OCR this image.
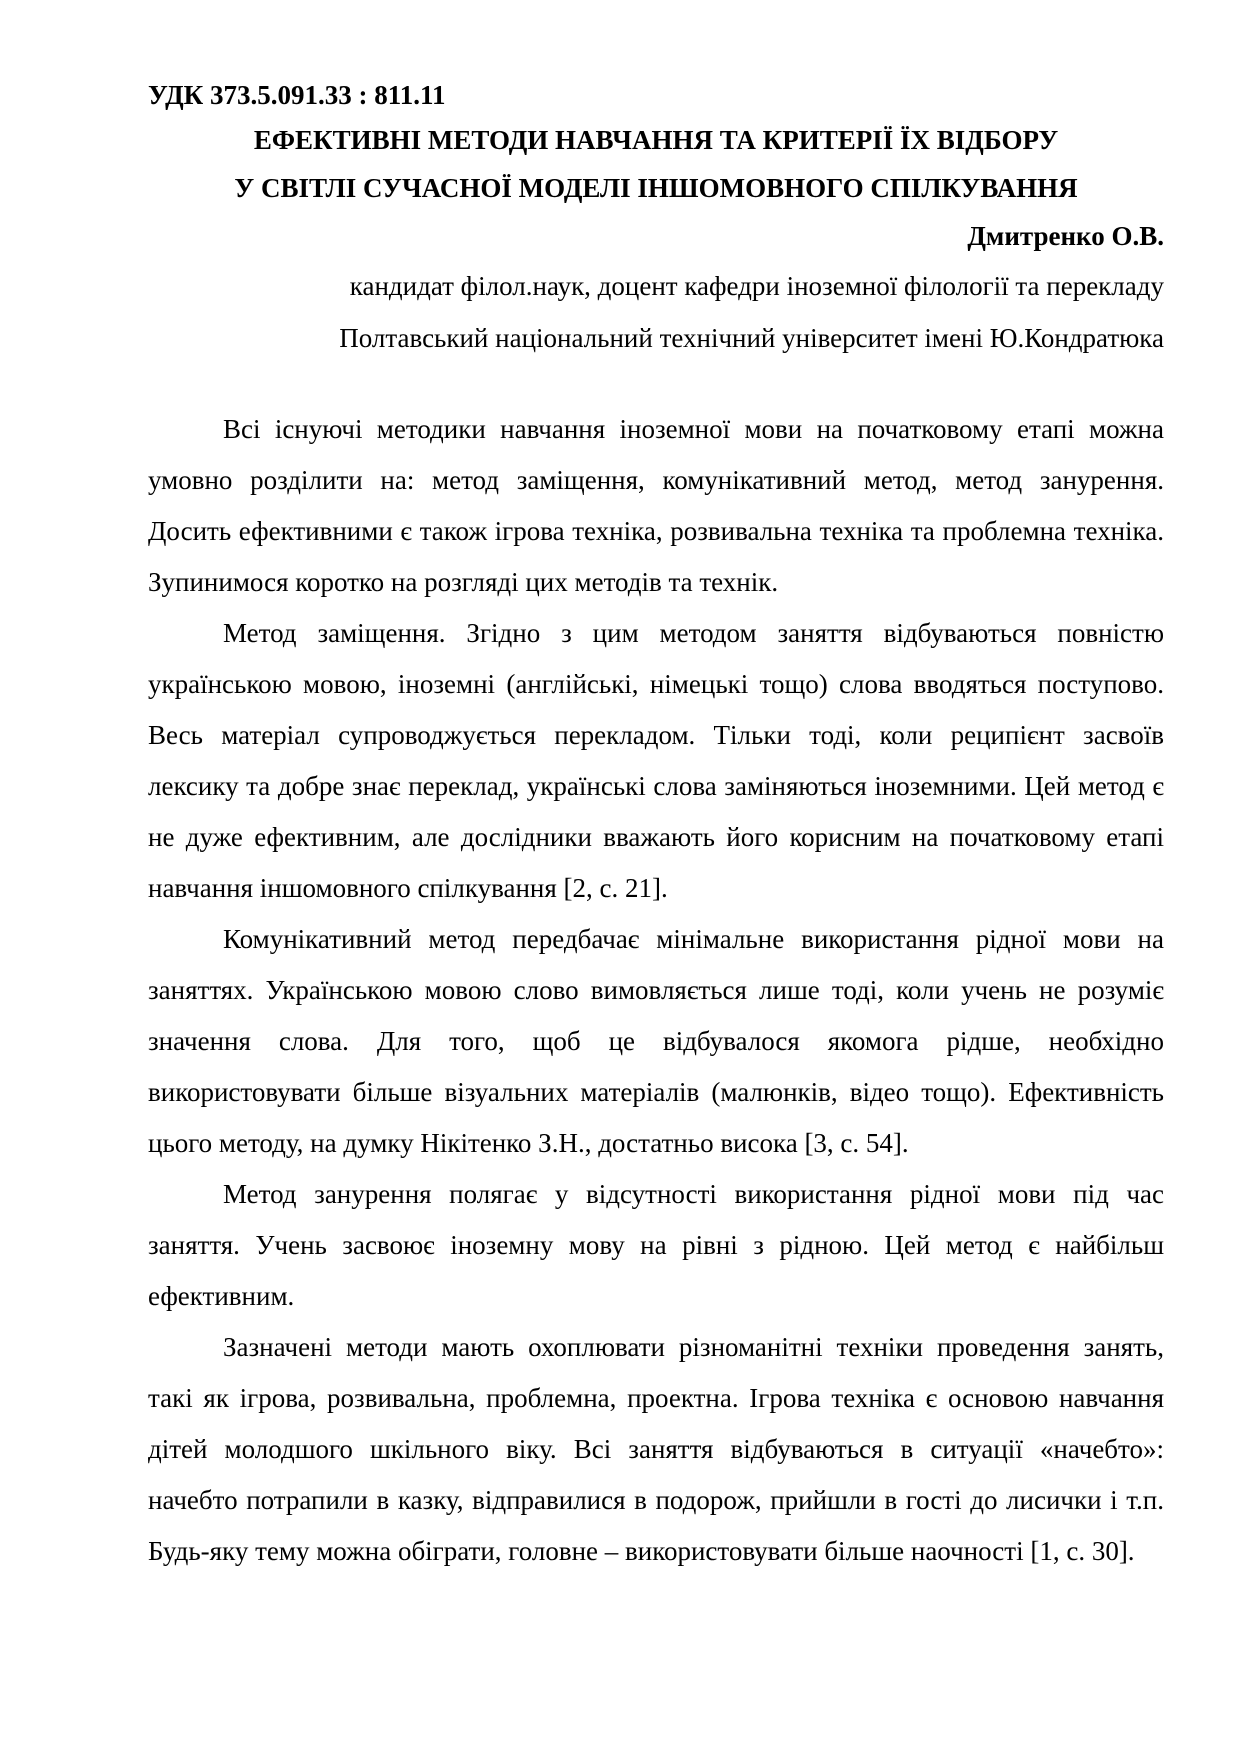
УДК 373.5.091.33 : 811.11

ЕФЕКТИВНІ МЕТОДИ НАВЧАННЯ ТА КРИТЕРІЇ ЇХ ВІДБОРУ
У СВІТЛІ СУЧАСНОЇ МОДЕЛІ ІНШОМОВНОГО СПІЛКУВАННЯ

Дмитренко О.В.

кандидат філол.наук, доцент кафедри іноземної філології та перекладу
Полтавський національний технічний університет імені Ю.Кондратюка

Всі існуючі методики навчання іноземної мови на початковому етапі можна умовно розділити на: метод заміщення, комунікативний метод, метод занурення. Досить ефективними є також ігрова техніка, розвивальна техніка та проблемна техніка. Зупинимося коротко на розгляді цих методів та технік.

Метод заміщення. Згідно з цим методом заняття відбуваються повністю українською мовою, іноземні (англійські, німецькі тощо) слова вводяться поступово. Весь матеріал супроводжується перекладом. Тільки тоді, коли реципієнт засвоїв лексику та добре знає переклад, українські слова заміняються іноземними. Цей метод є не дуже ефективним, але дослідники вважають його корисним на початковому етапі навчання іншомовного спілкування [2, с. 21].

Комунікативний метод передбачає мінімальне використання рідної мови на заняттях. Українською мовою слово вимовляється лише тоді, коли учень не розуміє значення слова. Для того, щоб це відбувалося якомога рідше, необхідно використовувати більше візуальних матеріалів (малюнків, відео тощо). Ефективність цього методу, на думку Нікітенко З.Н., достатньо висока [3, с. 54].

Метод занурення полягає у відсутності використання рідної мови під час заняття. Учень засвоює іноземну мову на рівні з рідною. Цей метод є найбільш ефективним.

Зазначені методи мають охоплювати різноманітні техніки проведення занять, такі як ігрова, розвивальна, проблемна, проектна. Ігрова техніка є основою навчання дітей молодшого шкільного віку. Всі заняття відбуваються в ситуації «начебто»: начебто потрапили в казку, відправилися в подорож, прийшли в гості до лисички і т.п. Будь-яку тему можна обіграти, головне – використовувати більше наочності [1, с. 30].
